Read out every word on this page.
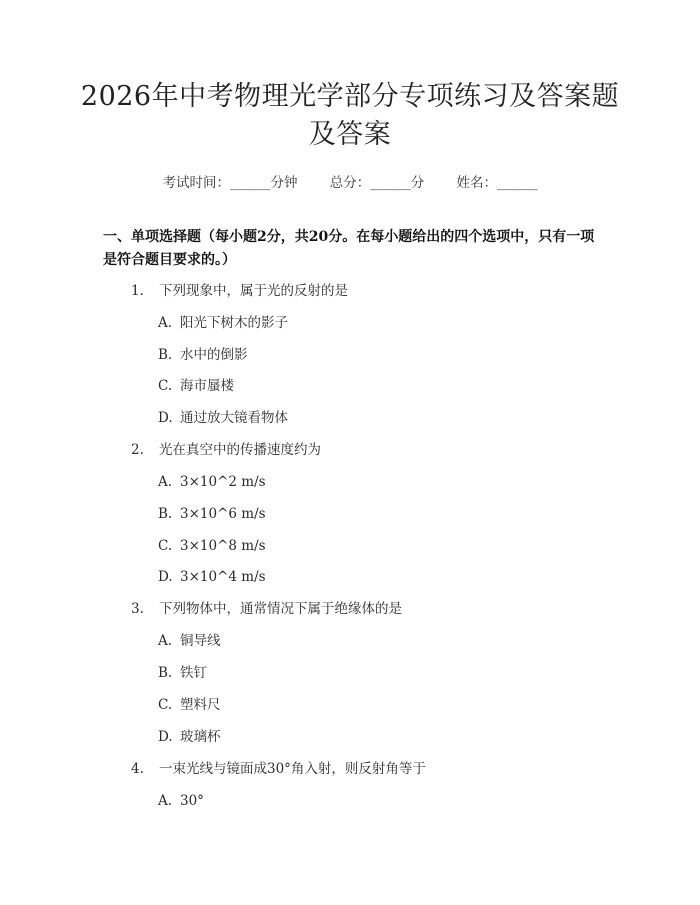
2026年中考物理光学部分专项练习及答案题
及答案
考试时间：______分钟 总分：______分 姓名：______
一、单项选择题（每小题2分，共20分。在每小题给出的四个选项中，只有一项是符合题目要求的。）
1. 下列现象中，属于光的反射的是
A. 阳光下树木的影子
B. 水中的倒影
C. 海市蜃楼
D. 通过放大镜看物体
2. 光在真空中的传播速度约为
A. 3×10^2 m/s
B. 3×10^6 m/s
C. 3×10^8 m/s
D. 3×10^4 m/s
3. 下列物体中，通常情况下属于绝缘体的是
A. 铜导线
B. 铁钉
C. 塑料尺
D. 玻璃杯
4. 一束光线与镜面成30°角入射，则反射角等于
A. 30°
